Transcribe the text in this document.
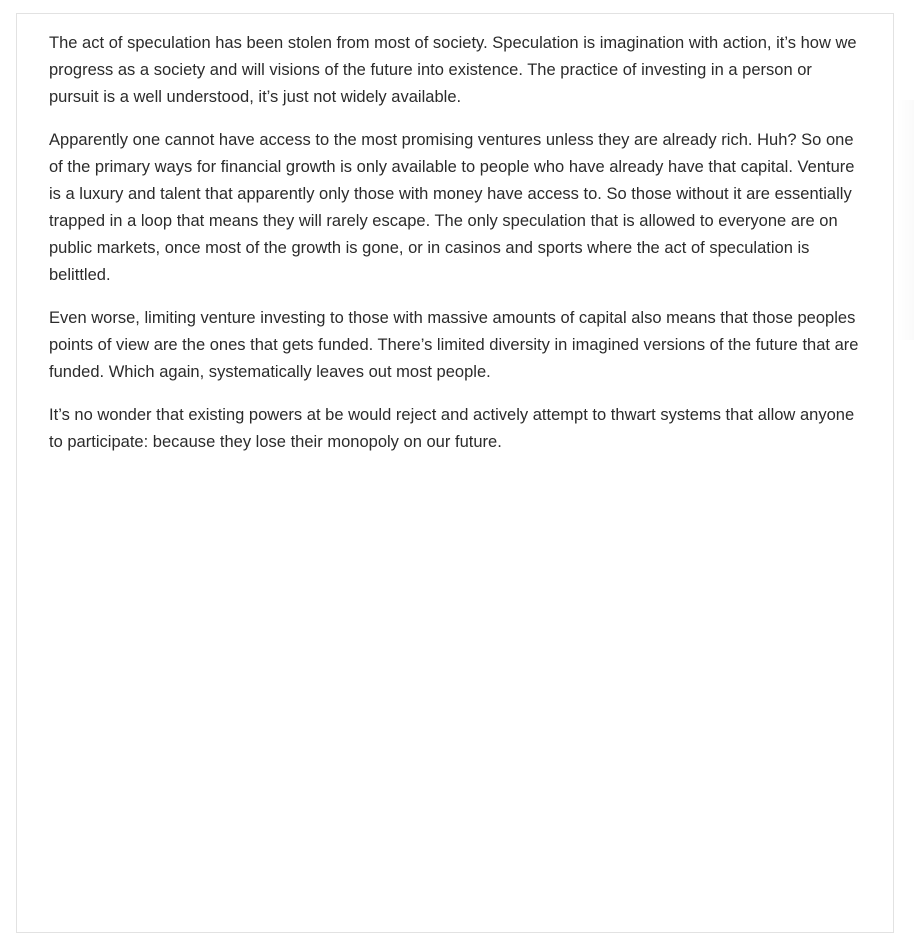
The act of speculation has been stolen from most of society. Speculation is imagination with action, it’s how we progress as a society and will visions of the future into existence. The practice of investing in a person or pursuit is a well understood, it’s just not widely available.

Apparently one cannot have access to the most promising ventures unless they are already rich. Huh? So one of the primary ways for financial growth is only available to people who have already have that capital. Venture is a luxury and talent that apparently only those with money have access to. So those without it are essentially trapped in a loop that means they will rarely escape. The only speculation that is allowed to everyone are on public markets, once most of the growth is gone, or in casinos and sports where the act of speculation is belittled.

Even worse, limiting venture investing to those with massive amounts of capital also means that those peoples points of view are the ones that gets funded. There’s limited diversity in imagined versions of the future that are funded. Which again, systematically leaves out most people.

It’s no wonder that existing powers at be would reject and actively attempt to thwart systems that allow anyone to participate: because they lose their monopoly on our future.
